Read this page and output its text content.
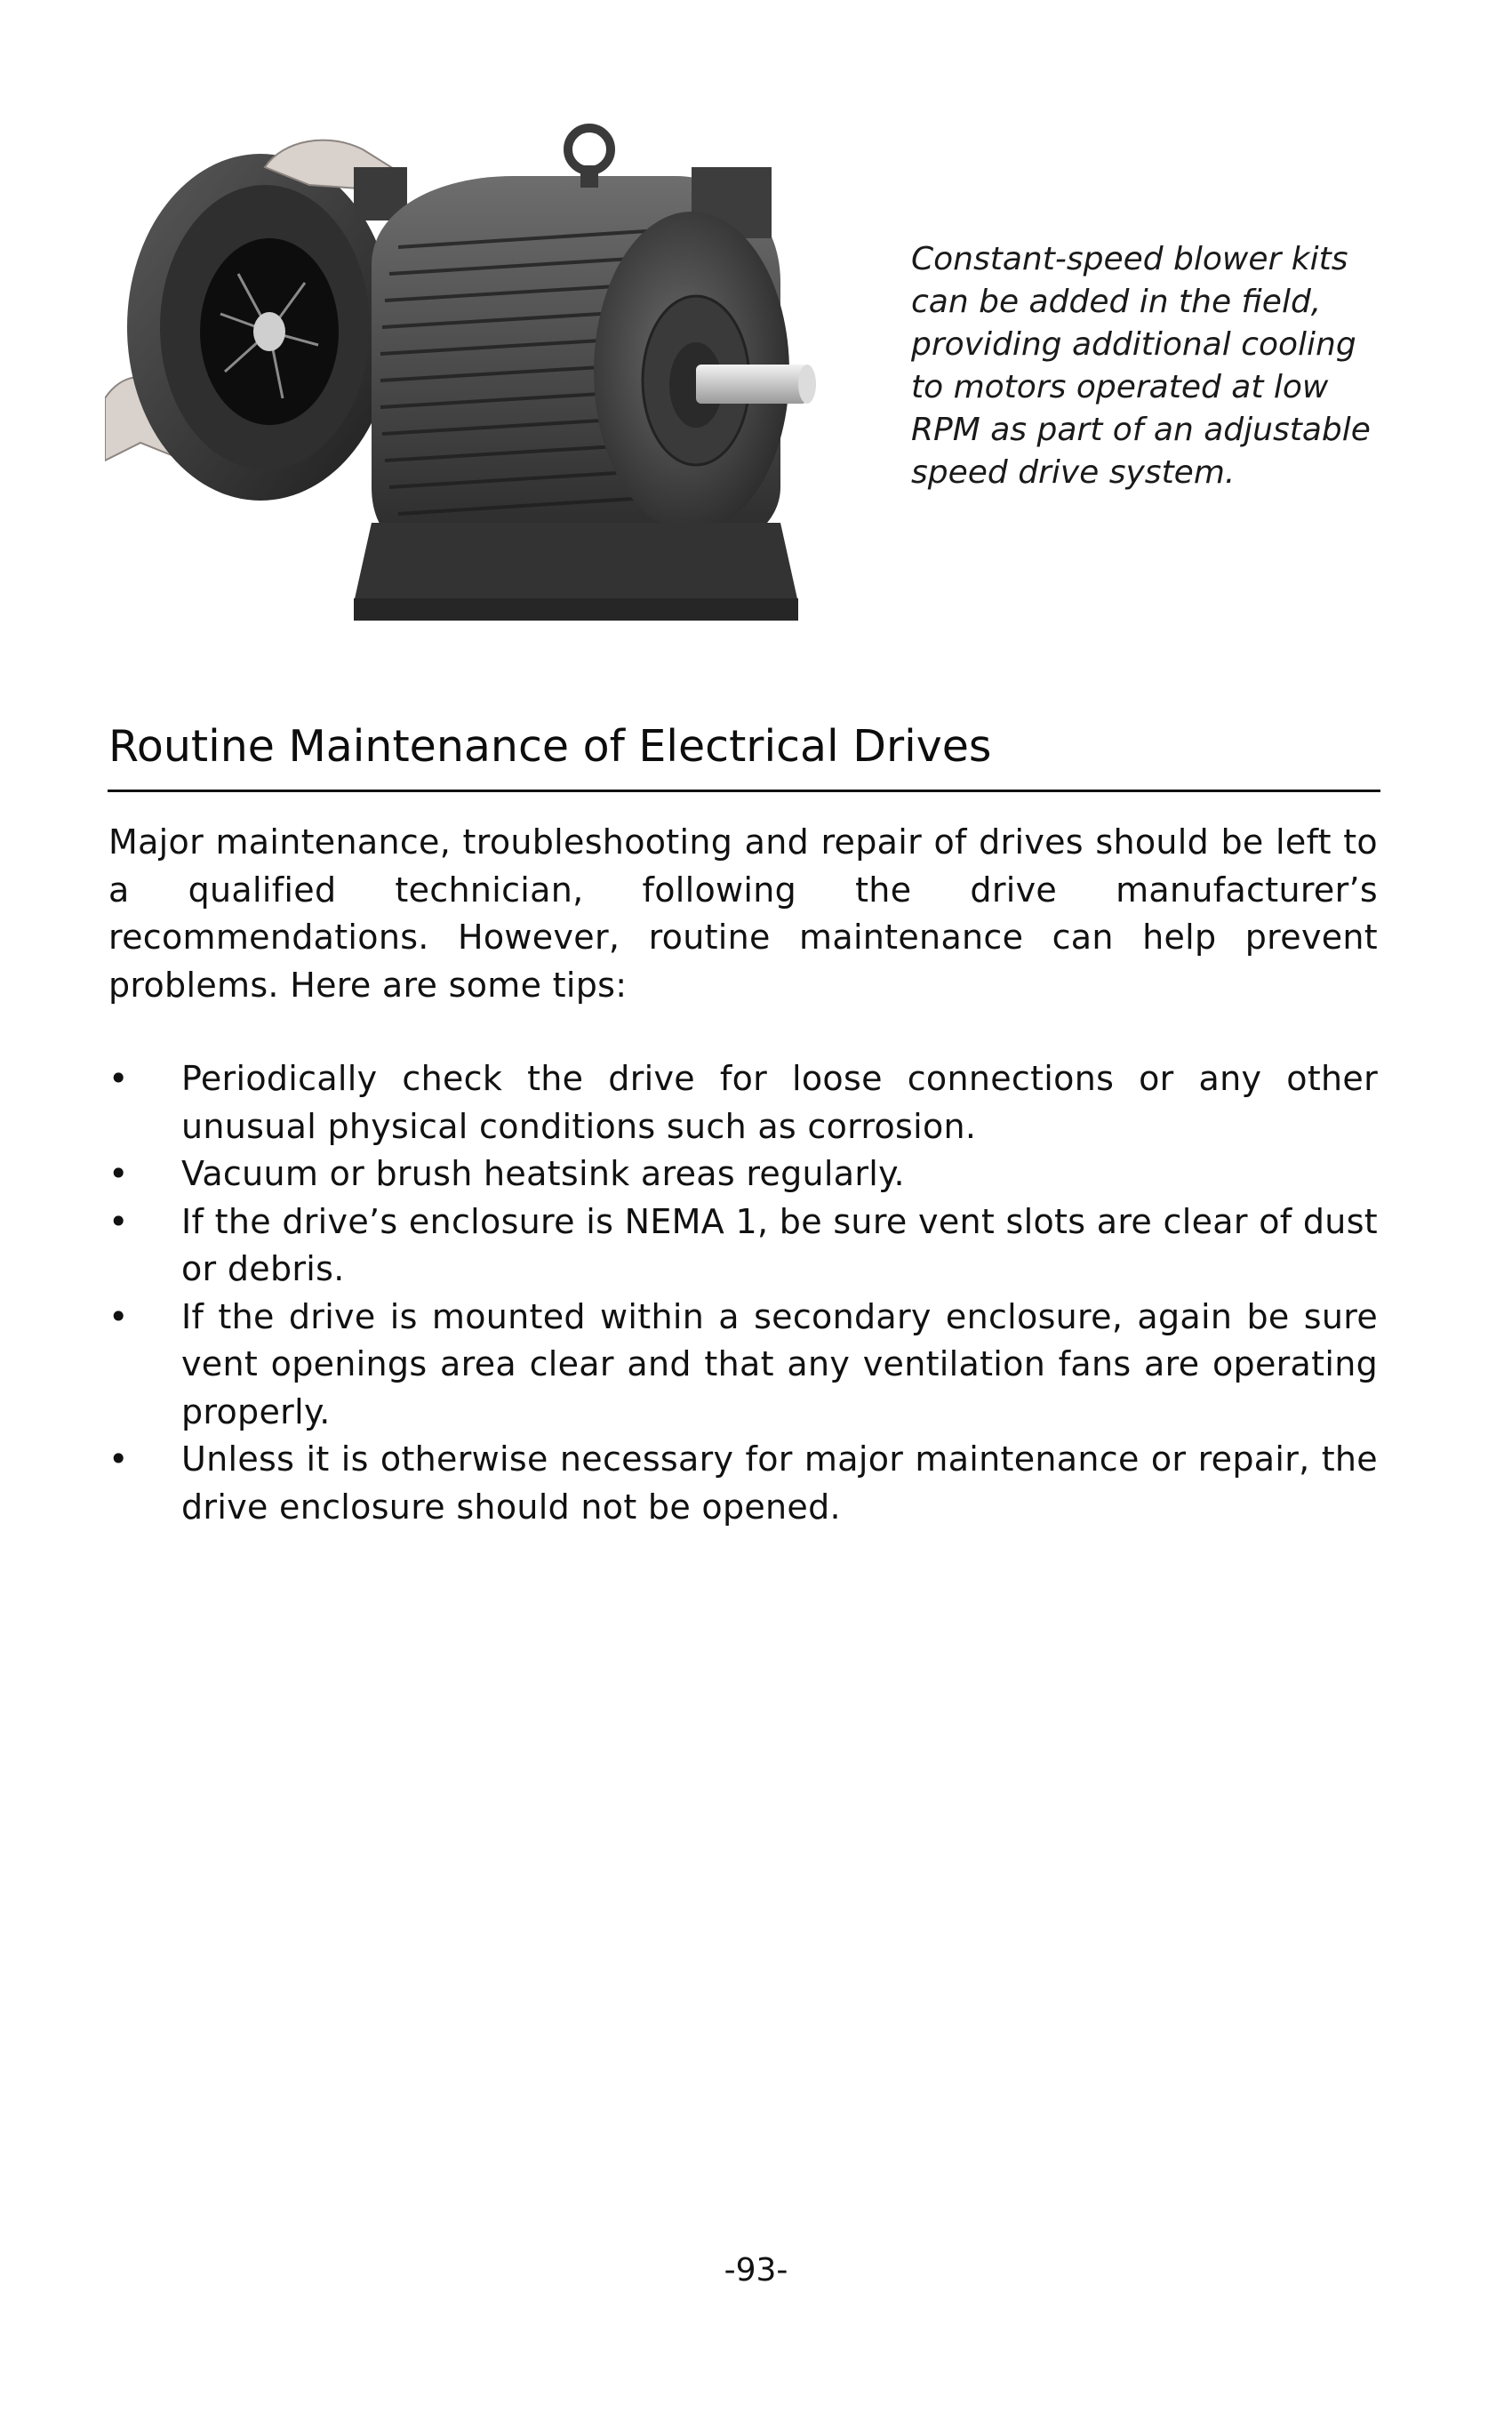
Constant-speed blower kits
can be added in the field,
providing additional cooling
to motors operated at low
RPM as part of an adjustable
speed drive system.
Routine Maintenance of Electrical Drives

Major maintenance, troubleshooting and repair of drives should be left to a qualified technician, following the drive manufacturer’s recommendations. However, routine maintenance can help prevent problems. Here are some tips:

• Periodically check the drive for loose connections or any other unusual physical conditions such as corrosion.
• Vacuum or brush heatsink areas regularly.
• If the drive’s enclosure is NEMA 1, be sure vent slots are clear of dust or debris.
• If the drive is mounted within a secondary enclosure, again be sure vent openings area clear and that any ventilation fans are operating properly.
• Unless it is otherwise necessary for major maintenance or repair, the drive enclosure should not be opened.
-93-
